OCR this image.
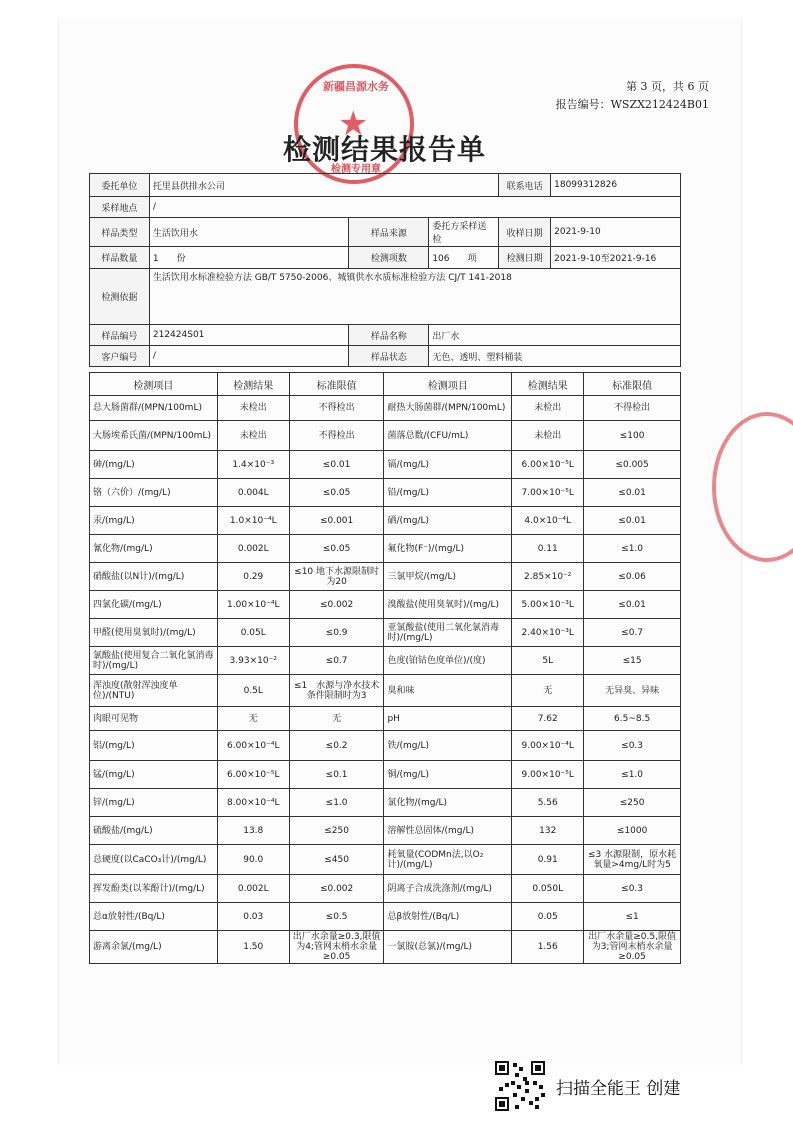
新疆昌源水务
★
检测专用章
第 3 页，共 6 页
报告编号：WSZX212424B01
检测结果报告单
委托单位	托里县供排水公司			联系电话	18099312826
采样地点	/				
样品类型	生活饮用水	样品来源	委托方采样送检	收样日期	2021-9-10
样品数量	1　　份	检测项数	106　　项	检测日期	2021-9-10至2021-9-16
检测依据	生活饮用水标准检验方法 GB/T 5750-2006、城镇供水水质标准检验方法 CJ/T 141-2018				
样品编号	212424S01	样品名称	出厂水		
客户编号	/	样品状态	无色、透明、塑料桶装		
检测项目	检测结果	标准限值	检测项目	检测结果	标准限值
总大肠菌群/(MPN/100mL)	未检出	不得检出	耐热大肠菌群/(MPN/100mL)	未检出	不得检出
大肠埃希氏菌/(MPN/100mL)	未检出	不得检出	菌落总数/(CFU/mL)	未检出	≤100
砷/(mg/L)	1.4×10⁻³	≤0.01	镉/(mg/L)	6.00×10⁻⁵L	≤0.005
铬（六价）/(mg/L)	0.004L	≤0.05	铅/(mg/L)	7.00×10⁻⁵L	≤0.01
汞/(mg/L)	1.0×10⁻⁴L	≤0.001	硒/(mg/L)	4.0×10⁻⁴L	≤0.01
氰化物/(mg/L)	0.002L	≤0.05	氟化物(F⁻)/(mg/L)	0.11	≤1.0
硝酸盐(以N计)/(mg/L)	0.29	≤10 地下水源限制时为20	三氯甲烷/(mg/L)	2.85×10⁻²	≤0.06
四氯化碳/(mg/L)	1.00×10⁻⁴L	≤0.002	溴酸盐(使用臭氧时)/(mg/L)	5.00×10⁻³L	≤0.01
甲醛(使用臭氧时)/(mg/L)	0.05L	≤0.9	亚氯酸盐(使用二氧化氯消毒时)/(mg/L)	2.40×10⁻³L	≤0.7
氯酸盐(使用复合二氧化氯消毒时)/(mg/L)	3.93×10⁻²	≤0.7	色度(铂钴色度单位)/(度)	5L	≤15
浑浊度(散射浑浊度单位)/(NTU)	0.5L	≤1　水源与净水技术条件限制时为3	臭和味	无	无异臭、异味
肉眼可见物	无	无	pH	7.62	6.5~8.5
铝/(mg/L)	6.00×10⁻⁴L	≤0.2	铁/(mg/L)	9.00×10⁻⁴L	≤0.3
锰/(mg/L)	6.00×10⁻⁵L	≤0.1	铜/(mg/L)	9.00×10⁻⁵L	≤1.0
锌/(mg/L)	8.00×10⁻⁴L	≤1.0	氯化物/(mg/L)	5.56	≤250
硫酸盐/(mg/L)	13.8	≤250	溶解性总固体/(mg/L)	132	≤1000
总硬度(以CaCO₃计)/(mg/L)	90.0	≤450	耗氧量(CODMn法,以O₂计)/(mg/L)	0.91	≤3 水源限制，原水耗氧量>4mg/L时为5
挥发酚类(以苯酚计)/(mg/L)	0.002L	≤0.002	阴离子合成洗涤剂/(mg/L)	0.050L	≤0.3
总α放射性/(Bq/L)	0.03	≤0.5	总β放射性/(Bq/L)	0.05	≤1
游离余氯/(mg/L)	1.50	出厂水余量≥0.3,限值为4;管网末梢水余量≥0.05	一氯胺(总氯)/(mg/L)	1.56	出厂水余量≥0.5,限值为3;管网末梢水余量≥0.05
扫描全能王 创建
